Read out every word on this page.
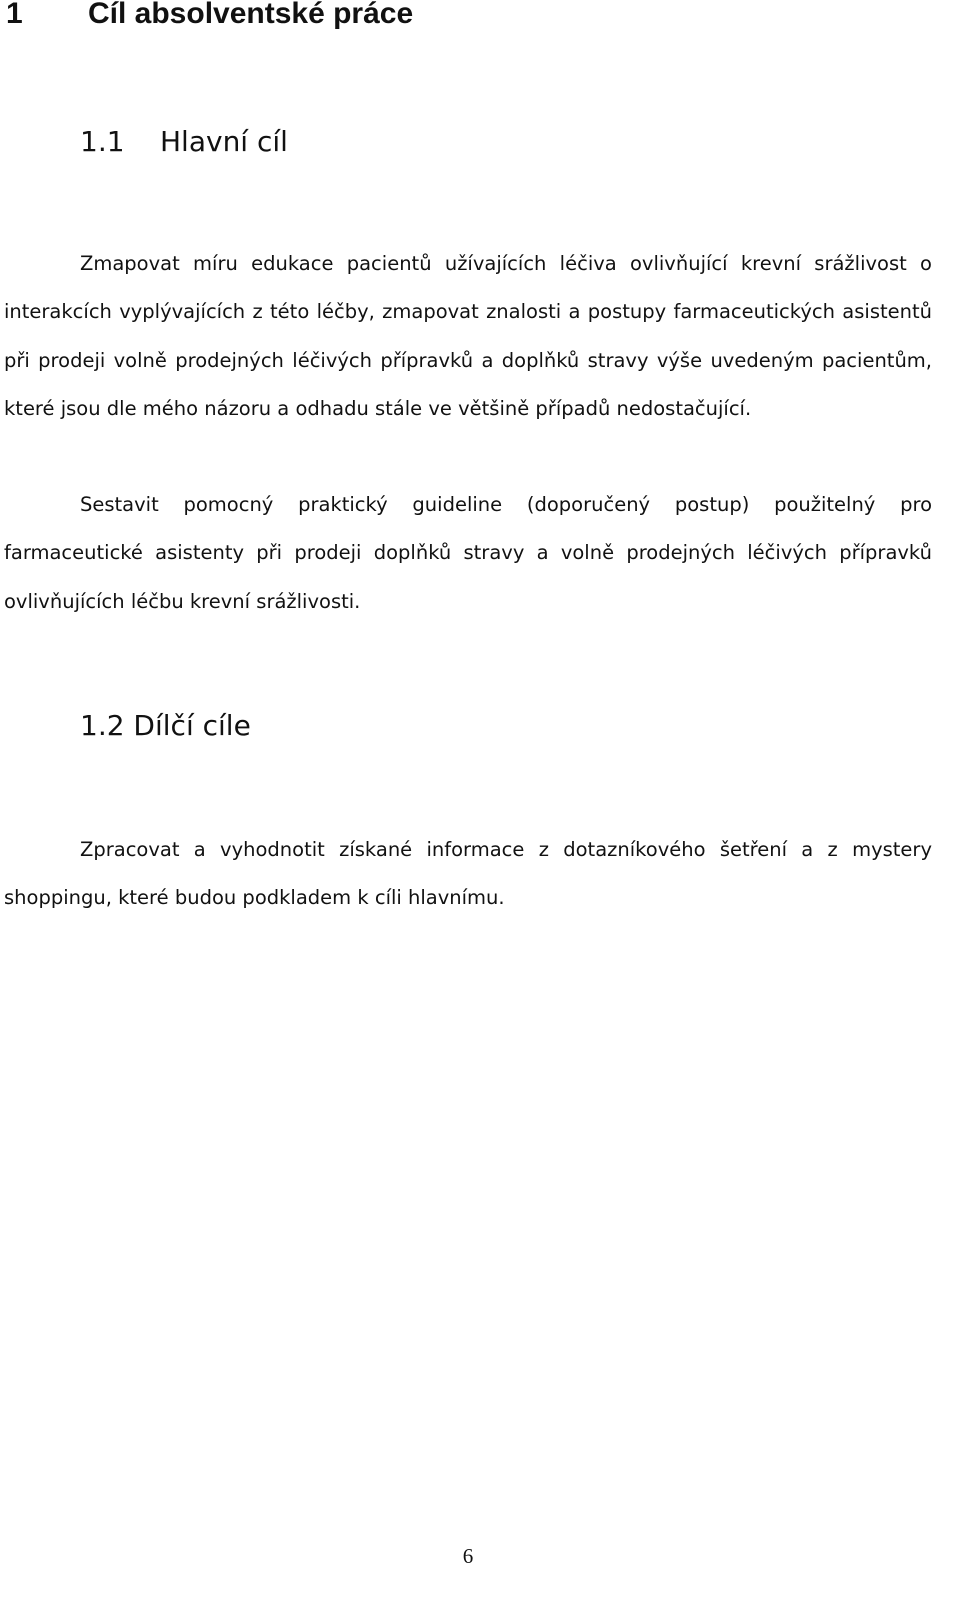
1 Cíl absolventské práce
1.1 Hlavní cíl

Zmapovat míru edukace pacientů užívajících léčiva ovlivňující krevní srážlivost o interakcích vyplývajících z této léčby, zmapovat znalosti a postupy farmaceutických asistentů při prodeji volně prodejných léčivých přípravků a doplňků stravy výše uvedeným pacientům, které jsou dle mého názoru a odhadu stále ve většině případů nedostačující.

Sestavit pomocný praktický guideline (doporučený postup) použitelný pro farmaceutické asistenty při prodeji doplňků stravy a volně prodejných léčivých přípravků ovlivňujících léčbu krevní srážlivosti.

1.2 Dílčí cíle

Zpracovat a vyhodnotit získané informace z dotazníkového šetření a z mystery shoppingu, které budou podkladem k cíli hlavnímu.

6
